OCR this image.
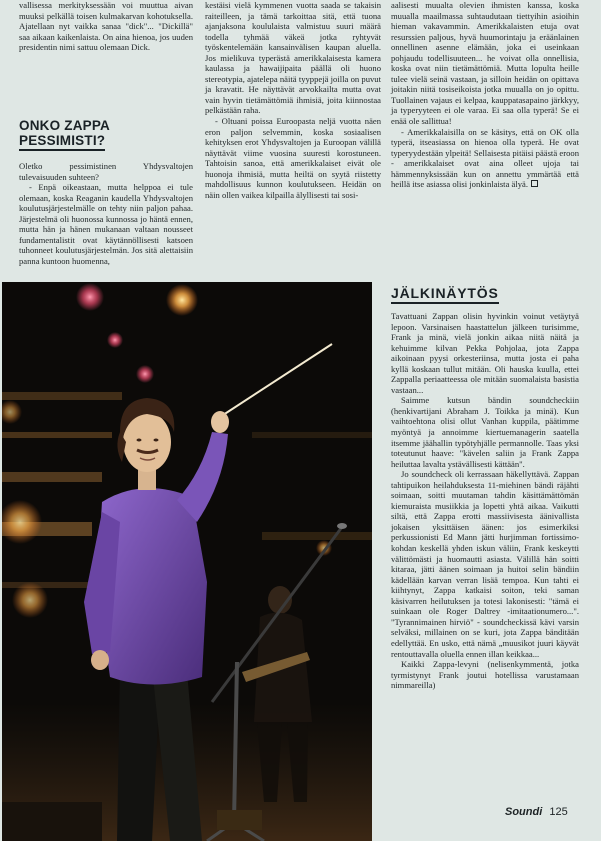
vallisessa merkityksessään voi muuttua aivan muuksi pelkällä toisen kulmakarvan kohotuksella. Ajatellaan nyt vaikka sanaa "dick"... "Dickillä" saa aikaan kaikenlaista. On aina hienoa, jos uuden presidentin nimi sattuu olemaan Dick.

ONKO ZAPPA
PESSIMISTI?

Oletko pessimistinen Yhdysvaltojen tulevaisuuden suhteen?

- Enpä oikeastaan, mutta helppoa ei tule olemaan, koska Reaganin kaudella Yhdysvaltojen koulutusjärjestelmälle on tehty niin paljon pahaa. Järjestelmä oli huonossa kunnossa jo häntä ennen, mutta hän ja hänen mukanaan valtaan nousseet fundamentalistit ovat käytännöllisesti katsoen tuhonneet koulutusjärjestelmän. Jos sitä alettaisiin panna kuntoon huomenna,

kestäisi vielä kymmenen vuotta saada se takaisin raiteilleen, ja tämä tarkoittaa sitä, että tuona ajanjaksona koululaista valmistuu suuri määrä todella tyhmää väkeä jotka ryhtyvät työskentelemään kansainvälisen kaupan aluella. Jos mielikuva typerästä amerikkalaisesta kamera kaulassa ja hawaijipaita päällä oli huono stereotypia, ajatelepa näitä tyyppejä joilla on puvut ja kravatit. He näyttävät arvokkailta mutta ovat vain hyvin tietämättömiä ihmisiä, joita kiinnostaa pelkästään raha.

- Oltuani poissa Euroopasta neljä vuotta näen eron paljon selvemmin, koska sosiaalisen kehityksen erot Yhdysvaltojen ja Euroopan välillä näyttävät viime vuosina suuresti korostuneen. Tahtoisin sanoa, että amerikkalaiset eivät ole huonoja ihmisiä, mutta heiltä on syytä riistetty mahdollisuus kunnon koulutukseen. Heidän on näin ollen vaikea kilpailla älyllisesti tai sosi-

aalisesti muualta olevien ihmisten kanssa, koska muualla maailmassa suhtaudutaan tiettyihin asioihin hieman vakavammin. Amerikkalaisten etuja ovat resurssien paljous, hyvä huumorintaju ja eräänlainen onnellinen asenne elämään, joka ei useinkaan pohjaudu todellisuuteen... he voivat olla onnellisia, koska ovat niin tietämättömiä. Mutta lopulta heille tulee vielä seinä vastaan, ja silloin heidän on opittava joitakin niitä tosiseikoista jotka muualla on jo opittu. Tuollainen vajaus ei kelpaa, kauppatasapaino järkkyy, ja typeryyteen ei ole varaa. Ei saa olla typerä! Se ei enää ole sallittua!

- Amerikkalaisilla on se käsitys, että on OK olla typerä, itseasiassa on hienoa olla typerä. He ovat typeryydestään ylpeitä! Sellaisesta pitäisi päästä eroon - amerikkalaiset ovat aina olleet ujoja tai hämmennyksissään kun on annettu ymmärtää että heillä itse asiassa olisi jonkinlaista älyä.

JÄLKINÄYTÖS

Tavattuani Zappan olisin hyvinkin voinut vetäytyä lepoon. Varsinaisen haastattelun jälkeen turisimme, Frank ja minä, vielä jonkin aikaa niitä näitä ja kehuimme kilvan Pekka Pohjolaa, jota Zappa aikoinaan pyysi orkesteriinsa, mutta josta ei paha kyllä koskaan tullut mitään. Oli hauska kuulla, ettei Zappalla periaatteessa ole mitään suomalaista basistia vastaan...

Saimme kutsun bändin soundcheckiin (henkivartijani Abraham J. Toikka ja minä). Kun vaihtoehtona olisi ollut Vanhan kuppila, päätimme myöntyä ja annoimme kiertuemanagerin saatella itsemme jäähallin typötyhjälle permannolle. Taas yksi toteutunut haave: "kävelen saliin ja Frank Zappa heiluttaa lavalta ystävällisesti kättään".

Jo soundcheck oli kerrassaan häkellyttävä. Zappan tahtipuikon heilahduksesta 11-miehinen bändi räjähti soimaan, soitti muutaman tahdin käsittämättömän kiemuraista musiikkia ja lopetti yhtä aikaa. Vaikutti siltä, että Zappa erotti massiivisesta äänivallista jokaisen yksittäisen äänen: jos esimerkiksi perkussionisti Ed Mann jätti hurjimman fortissimo-kohdan keskellä yhden iskun väliin, Frank keskeytti välittömästi ja huomautti asiasta. Välillä hän soitti kitaraa, jätti äänen soimaan ja huitoi selin bändiin kädellään karvan verran lisää tempoa. Kun tahti ei kiihtynyt, Zappa katkaisi soiton, teki saman käsivarren heilutuksen ja totesi lakonisesti: "tämä ei suinkaan ole Roger Daltrey -imitaationumero...". "Tyrannimainen hirviö" - soundcheckissä kävi varsin selväksi, millainen on se kuri, jota Zappa bänditään edellyttää. En usko, että nämä „muusikot juuri käyvät rentouttavalla oluella ennen illan keikkaa...

Kaikki Zappa-levyni (nelisenkymmentä, jotka tyrmistynyt Frank joutui hotellissa varustamaan nimmareilla)

Soundi 125
